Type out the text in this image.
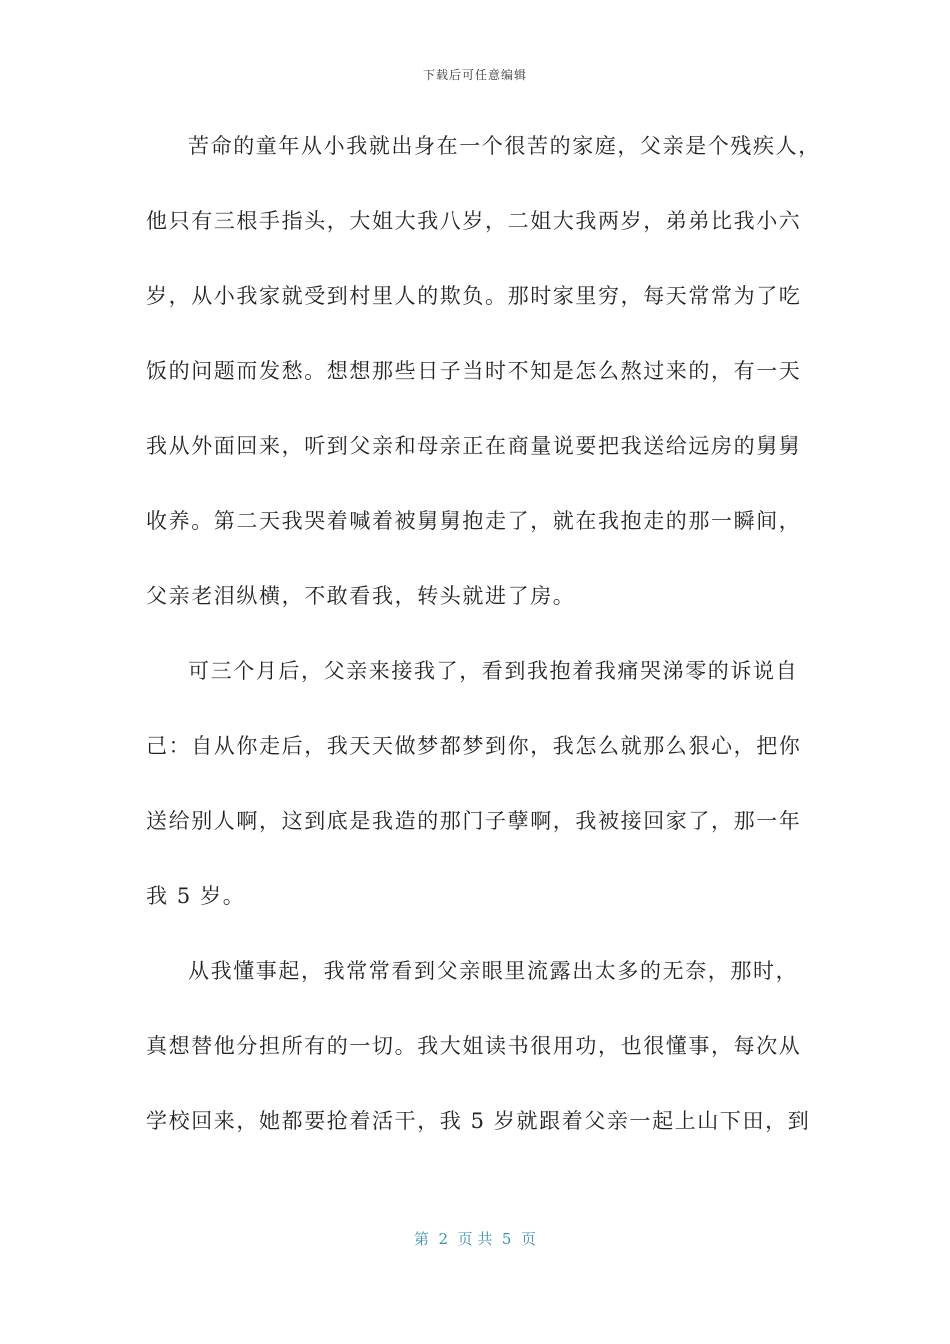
下载后可任意编辑
苦命的童年从小我就出身在一个很苦的家庭，父亲是个残疾人，
他只有三根手指头，大姐大我八岁，二姐大我两岁，弟弟比我小六
岁，从小我家就受到村里人的欺负。那时家里穷，每天常常为了吃
饭的问题而发愁。想想那些日子当时不知是怎么熬过来的，有一天
我从外面回来，听到父亲和母亲正在商量说要把我送给远房的舅舅
收养。第二天我哭着喊着被舅舅抱走了，就在我抱走的那一瞬间，
父亲老泪纵横，不敢看我，转头就进了房。
可三个月后，父亲来接我了，看到我抱着我痛哭涕零的诉说自
己：自从你走后，我天天做梦都梦到你，我怎么就那么狠心，把你
送给别人啊，这到底是我造的那门子孽啊，我被接回家了，那一年
我 5 岁。
从我懂事起，我常常看到父亲眼里流露出太多的无奈，那时，
真想替他分担所有的一切。我大姐读书很用功，也很懂事，每次从
学校回来，她都要抢着活干，我 5 岁就跟着父亲一起上山下田，到
第  2  页 共  5  页
